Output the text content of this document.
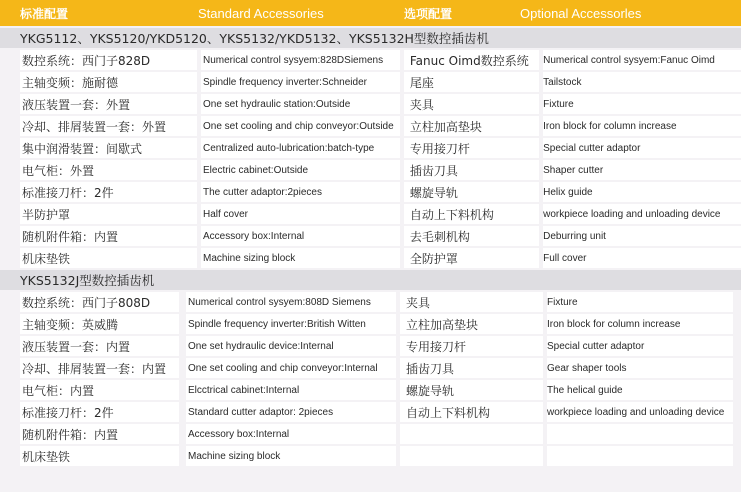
标准配置	Standard Accessories	选项配置	Optional Accessorles
YKG5112、YKS5120/YKD5120、YKS5132/YKD5132、YKS5132H型数控插齿机
数控系统：西门子828D	Numerical control sysyem:828DSiemens	Fanuc Oimd数控系统	Numerical control sysyem:Fanuc Oimd
主轴变频：施耐德	Spindle frequency inverter:Schneider	尾座	Tailstock
液压装置一套：外置	One set hydraulic station:Outside	夹具	Fixture
冷却、排屑装置一套：外置	One set cooling and chip conveyor:Outside	立柱加高垫块	Iron block for column increase
集中润滑装置：间歇式	Centralized auto-lubrication:batch-type	专用接刀杆	Special cutter adaptor
电气柜：外置	Electric cabinet:Outside	插齿刀具	Shaper cutter
标准接刀杆：2件	The cutter adaptor:2pieces	螺旋导轨	Helix guide
半防护罩	Half cover	自动上下料机构	workpiece loading and unloading device
随机附件箱：内置	Accessory box:Internal	去毛刺机构	Deburring unit
机床垫铁	Machine sizing block	全防护罩	Full cover
YKS5132J型数控插齿机
数控系统：西门子808D	Numerical control sysyem:808D Siemens	夹具	Fixture
主轴变频：英威腾	Spindle frequency inverter:British Witten	立柱加高垫块	Iron block for column increase
液压装置一套：内置	One set hydraulic device:Internal	专用接刀杆	Special cutter adaptor
冷却、排屑装置一套：内置	One set cooling and chip conveyor:Internal	插齿刀具	Gear shaper tools
电气柜：内置	Elcctrical cabinet:Internal	螺旋导轨	The helical guide
标准接刀杆：2件	Standard cutter adaptor: 2pieces	自动上下料机构	workpiece loading and unloading device
随机附件箱：内置	Accessory box:Internal
机床垫铁	Machine sizing block
